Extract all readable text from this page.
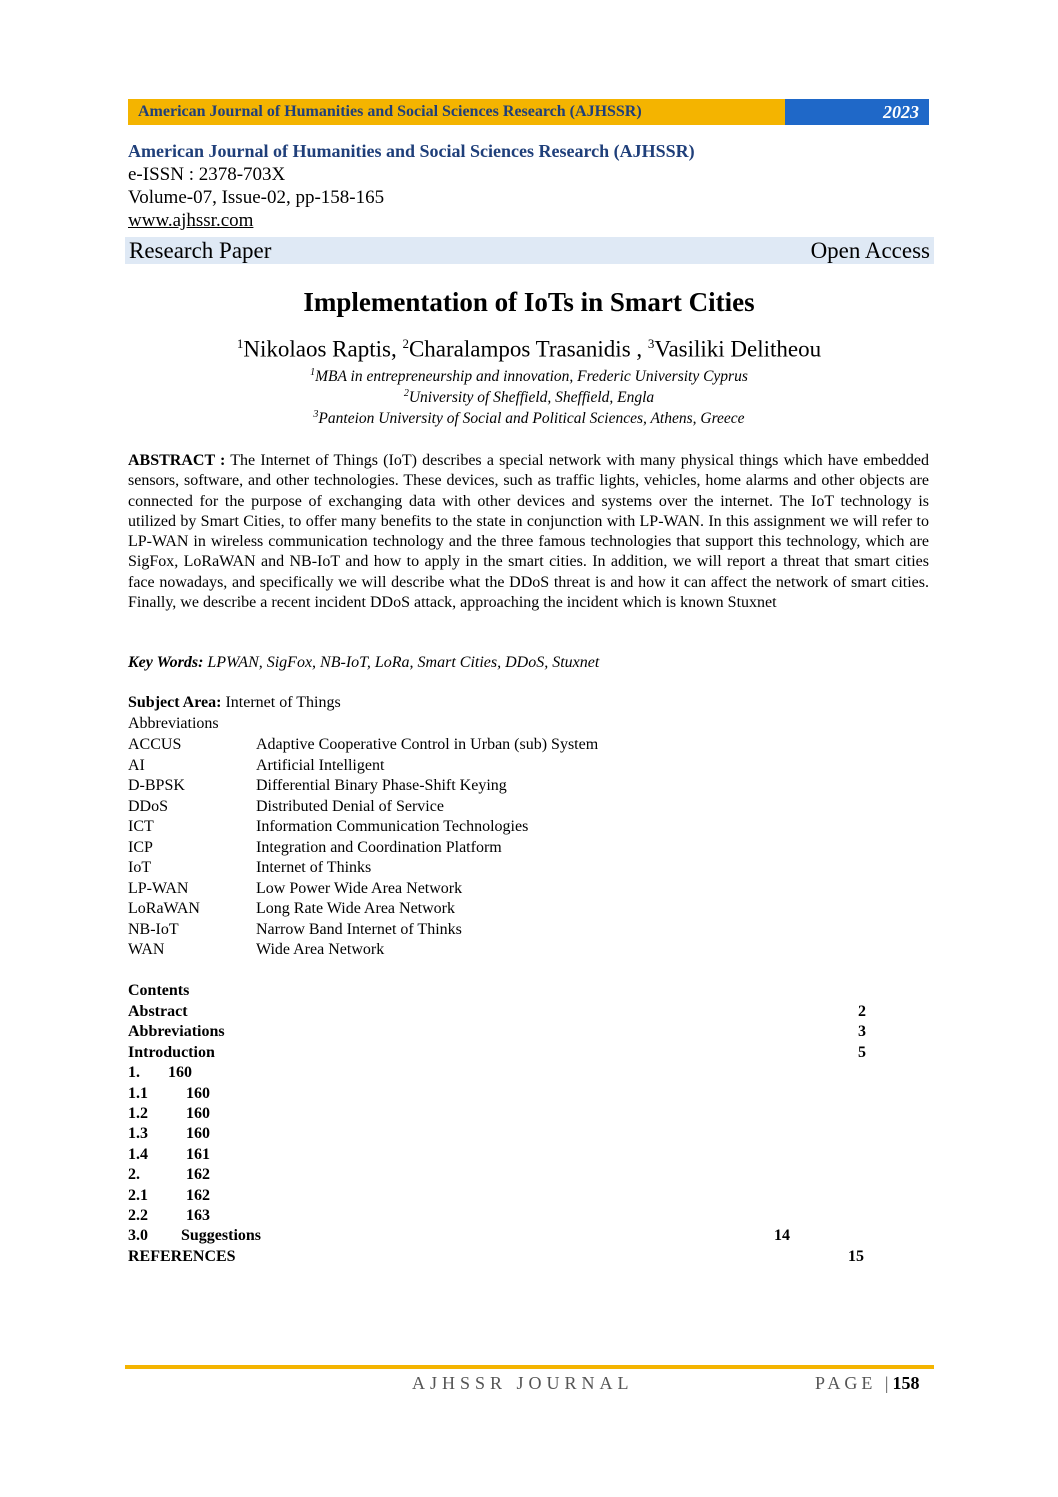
American Journal of Humanities and Social Sciences Research (AJHSSR)	2023
American Journal of Humanities and Social Sciences Research (AJHSSR)
e-ISSN : 2378-703X
Volume-07, Issue-02, pp-158-165
www.ajhssr.com
Research Paper	Open Access
Implementation of IoTs in Smart Cities
$^1$Nikolaos Raptis, $^2$Charalampos Trasanidis , $^3$Vasiliki Delitheou
$^1$MBA in entrepreneurship and innovation, Frederic University Cyprus
$^2$University of Sheffield, Sheffield, Engla
$^3$Panteion University of Social and Political Sciences, Athens, Greece
ABSTRACT : The Internet of Things (IoT) describes a special network with many physical things which have embedded sensors, software, and other technologies. These devices, such as traffic lights, vehicles, home alarms and other objects are connected for the purpose of exchanging data with other devices and systems over the internet. The IoT technology is utilized by Smart Cities, to offer many benefits to the state in conjunction with LP-WAN. In this assignment we will refer to LP-WAN in wireless communication technology and the three famous technologies that support this technology, which are SigFox, LoRaWAN and NB-IoT and how to apply in the smart cities. In addition, we will report a threat that smart cities face nowadays, and specifically we will describe what the DDoS threat is and how it can affect the network of smart cities. Finally, we describe a recent incident DDoS attack, approaching the incident which is known Stuxnet
Key Words: LPWAN, SigFox, NB-IoT, LoRa, Smart Cities, DDoS, Stuxnet
Subject Area: Internet of Things
Abbreviations
ACCUS	Adaptive Cooperative Control in Urban (sub) System
AI	Artificial Intelligent
D-BPSK	Differential Binary Phase-Shift Keying
DDoS	Distributed Denial of Service
ICT	Information Communication Technologies
ICP	Integration and Coordination Platform
IoT	Internet of Thinks
LP-WAN	Low Power Wide Area Network
LoRaWAN	Long Rate Wide Area Network
NB-IoT	Narrow Band Internet of Thinks
WAN	Wide Area Network
Contents
Abstract	2
Abbreviations	3
Introduction	5
1. 160
1.1 160
1.2 160
1.3 160
1.4 161
2.	162
2.1 162
2.2 163
3.0 Suggestions	14
REFERENCES	15
AJHSSR JOURNAL	PAGE |158
